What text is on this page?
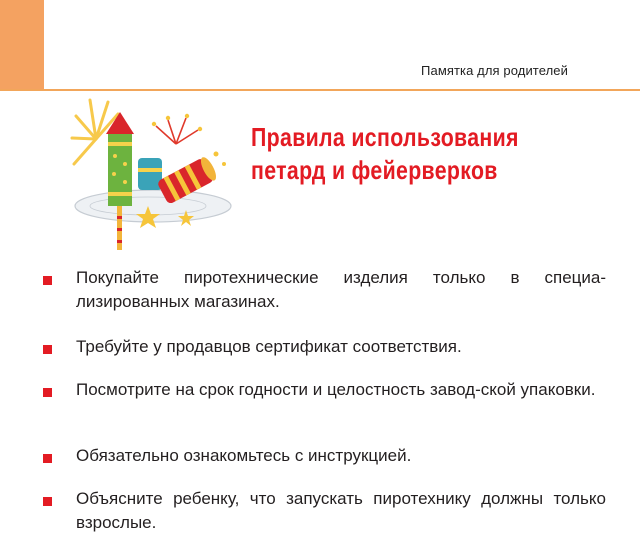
Памятка для родителей
Правила использования
петард и фейерверков
Покупайте пиротехнические изделия только в специа-лизированных магазинах.
Требуйте у продавцов сертификат соответствия.
Посмотрите на срок годности и целостность завод-ской упаковки.
Обязательно ознакомьтесь с инструкцией.
Объясните ребенку, что запускать пиротехнику должны только взрослые.
